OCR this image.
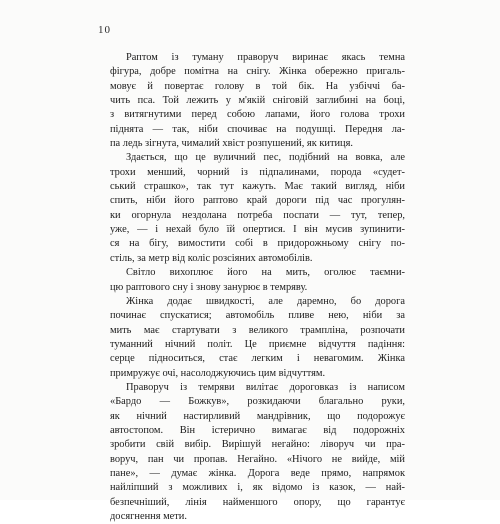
10
Раптом із туману праворуч виринає якась темна
фігура, добре помітна на снігу. Жінка обережно пригаль-
мовує й повертає голову в той бік. На узбіччі ба-
чить пса. Той лежить у м'якій сніговій заглибині на боці,
з витягнутими перед собою лапами, його голова трохи
піднята — так, ніби спочиває на подушці. Передня ла-
па ледь зігнута, чималий хвіст розпушений, як китиця.
Здається, що це вуличний пес, подібний на вовка, але
трохи менший, чорний із підпалинами, порода «судет-
ський страшко», так тут кажуть. Має такий вигляд, ніби
спить, ніби його раптово край дороги під час прогулян-
ки огорнула нездолана потреба поспати — тут, тепер,
уже, — і нехай було їй опертися. І він мусив зупинити-
ся на бігу, вимостити собі в придорожньому снігу по-
стіль, за метр від коліс розсіяних автомобілів.
Світло вихоплює його на мить, оголює таємни-
цю раптового сну і знову занурює в темряву.
Жінка додає швидкості, але даремно, бо дорога
починає спускатися; автомобіль пливе нею, ніби за
мить має стартувати з великого трампліна, розпочати
туманний нічний політ. Це приємне відчуття падіння:
серце підноситься, стає легким і невагомим. Жінка
примружує очі, насолоджуючись цим відчуттям.
Праворуч із темряви вилітає дороговказ із написом
«Бардо — Божкув», розкидаючи благально руки,
як нічний настирливий мандрівник, що подорожує
автостопом. Він істерично вимагає від подорожніх
зробити свій вибір. Вирішуй негайно: ліворуч чи пра-
воруч, пан чи пропав. Негайно. «Нічого не вийде, мій
пане», — думає жінка. Дорога веде прямо, напрямок
найліпший з можливих і, як відомо із казок, — най-
безпечніший, лінія найменшого опору, що гарантує
досягнення мети.
